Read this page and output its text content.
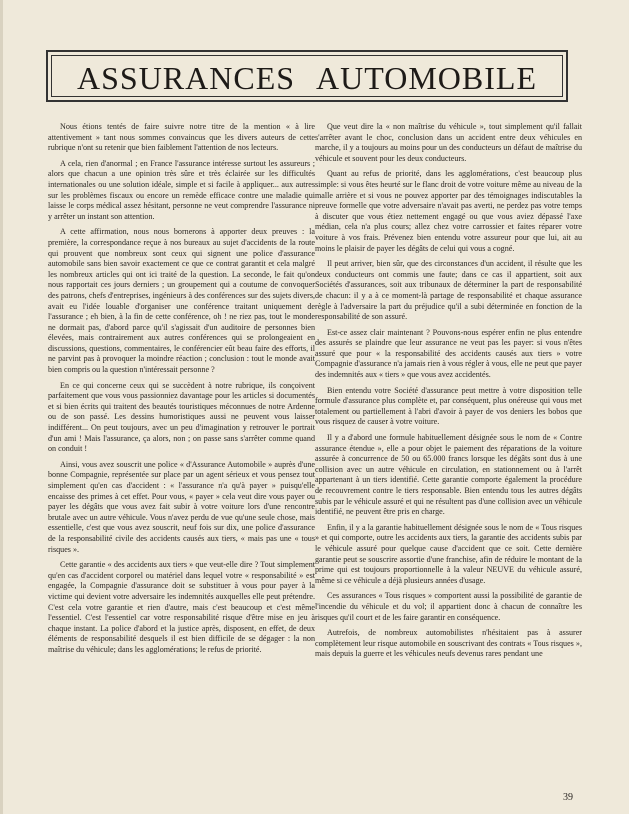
ASSURANCES AUTOMOBILE

Nous étions tentés de faire suivre notre titre de la mention « à lire attentivement » tant nous sommes convaincus que les divers auteurs de cette rubrique n'ont su retenir que bien faiblement l'attention de nos lecteurs.

A cela, rien d'anormal ; en France l'assurance intéresse surtout les assureurs ; alors que chacun a une opinion très sûre et très éclairée sur les difficultés internationales ou une solution idéale, simple et si facile à appliquer... aux autres sur les problèmes fiscaux ou encore un remède efficace contre une maladie qui laisse le corps médical assez hésitant, personne ne veut comprendre l'assurance ni y arrêter un instant son attention.

A cette affirmation, nous nous bornerons à apporter deux preuves : la première, la correspondance reçue à nos bureaux au sujet d'accidents de la route qui prouvent que nombreux sont ceux qui signent une police d'assurance automobile sans bien savoir exactement ce que ce contrat garantit et cela malgré les nombreux articles qui ont ici traité de la question. La seconde, le fait qu'on nous rapportait ces jours derniers ; un groupement qui a coutume de convoquer des patrons, chefs d'entreprises, ingénieurs à des conférences sur des sujets divers, avait eu l'idée louable d'organiser une conférence traitant uniquement de l'assurance ; eh bien, à la fin de cette conférence, oh ! ne riez pas, tout le monde ne dormait pas, d'abord parce qu'il s'agissait d'un auditoire de personnes bien élevées, mais contrairement aux autres conférences qui se prolongeaient en discussions, questions, commentaires, le conférencier eût beau faire des efforts, il ne parvint pas à provoquer la moindre réaction ; conclusion : tout le monde avait bien compris ou la question n'intéressait personne ?

En ce qui concerne ceux qui se succèdent à notre rubrique, ils conçoivent parfaitement que vous vous passionniez davantage pour les articles si documentés et si bien écrits qui traitent des beautés touristiques méconnues de notre Ardenne ou de son passé. Les dessins humoristiques aussi ne peuvent vous laisser indifférent... On peut toujours, avec un peu d'imagination y retrouver le portrait d'un ami ! Mais l'assurance, ça alors, non ; on passe sans s'arrêter comme quand on conduit !

Ainsi, vous avez souscrit une police « d'Assurance Automobile » auprès d'une bonne Compagnie, représentée sur place par un agent sérieux et vous pensez tout simplement qu'en cas d'accident : « l'assurance n'a qu'à payer » puisqu'elle encaisse des primes à cet effet. Pour vous, « payer » cela veut dire vous payer ou payer les dégâts que vous avez fait subir à votre voiture lors d'une rencontre brutale avec un autre véhicule. Vous n'avez perdu de vue qu'une seule chose, mais essentielle, c'est que vous avez souscrit, neuf fois sur dix, une police d'assurance de la responsabilité civile des accidents causés aux tiers, « mais pas une « tous risques ».

Cette garantie « des accidents aux tiers » que veut-elle dire ? Tout simplement qu'en cas d'accident corporel ou matériel dans lequel votre « responsabilité » est engagée, la Compagnie d'assurance doit se substituer à vous pour payer à la victime qui devient votre adversaire les indemnités auxquelles elle peut prétendre. C'est cela votre garantie et rien d'autre, mais c'est beaucoup et c'est même l'essentiel. C'est l'essentiel car votre responsabilité risque d'être mise en jeu à chaque instant. La police d'abord et la justice après, disposent, en effet, de deux éléments de responsabilité desquels il est bien difficile de se dégager : la non maîtrise du véhicule; dans les agglomérations; le refus de priorité.

Que veut dire la « non maîtrise du véhicule », tout simplement qu'il fallait s'arrêter avant le choc, conclusion dans un accident entre deux véhicules en marche, il y a toujours au moins pour un des conducteurs un défaut de maîtrise du véhicule et souvent pour les deux conducteurs.

Quant au refus de priorité, dans les agglomérations, c'est beaucoup plus simple: si vous êtes heurté sur le flanc droit de votre voiture même au niveau de la malle arrière et si vous ne pouvez apporter par des témoignages indiscutables la preuve formelle que votre adversaire n'avait pas averti, ne perdez pas votre temps à discuter que vous étiez nettement engagé ou que vous aviez dépassé l'axe médian, cela n'a plus cours; allez chez votre carrossier et faites réparer votre voiture à vos frais. Prévenez bien entendu votre assureur pour que lui, ait au moins le plaisir de payer les dégâts de celui qui vous a cogné.

Il peut arriver, bien sûr, que des circonstances d'un accident, il résulte que les deux conducteurs ont commis une faute; dans ce cas il appartient, soit aux Sociétés d'assurances, soit aux tribunaux de déterminer la part de responsabilité de chacun: il y a à ce moment-là partage de responsabilité et chaque assurance règle à l'adversaire la part du préjudice qu'il a subi déterminée en fonction de la responsabilité de son assuré.

Est-ce assez clair maintenant ? Pouvons-nous espérer enfin ne plus entendre des assurés se plaindre que leur assurance ne veut pas les payer: si vous n'êtes assuré que pour « la responsabilité des accidents causés aux tiers » votre Compagnie d'assurance n'a jamais rien à vous régler à vous, elle ne peut que payer des indemnités aux « tiers » que vous avez accidentés.

Bien entendu votre Société d'assurance peut mettre à votre disposition telle formule d'assurance plus complète et, par conséquent, plus onéreuse qui vous met totalement ou partiellement à l'abri d'avoir à payer de vos deniers les bobos que vous risquez de causer à votre voiture.

Il y a d'abord une formule habituellement désignée sous le nom de « Contre assurance étendue », elle a pour objet le paiement des réparations de la voiture assurée à concurrence de 50 ou 65.000 francs lorsque les dégâts sont dus à une collision avec un autre véhicule en circulation, en stationnement ou à l'arrêt appartenant à un tiers identifié. Cette garantie comporte également la procédure de recouvrement contre le tiers responsable. Bien entendu tous les autres dégâts subis par le véhicule assuré et qui ne résultent pas d'une collision avec un véhicule identifié, ne peuvent être pris en charge.

Enfin, il y a la garantie habituellement désignée sous le nom de « Tous risques » et qui comporte, outre les accidents aux tiers, la garantie des accidents subis par le véhicule assuré pour quelque cause d'accident que ce soit. Cette dernière garantie peut se souscrire assortie d'une franchise, afin de réduire le montant de la prime qui est toujours proportionnelle à la valeur NEUVE du véhicule assuré, même si ce véhicule a déjà plusieurs années d'usage.

Ces assurances « Tous risques » comportent aussi la possibilité de garantie de l'incendie du véhicule et du vol; il appartient donc à chacun de connaître les risques qu'il court et de les faire garantir en conséquence.

Autrefois, de nombreux automobilistes n'hésitaient pas à assurer complètement leur risque automobile en souscrivant des contrats « Tous risques », mais depuis la guerre et les véhicules neufs devenus rares pendant une

39
